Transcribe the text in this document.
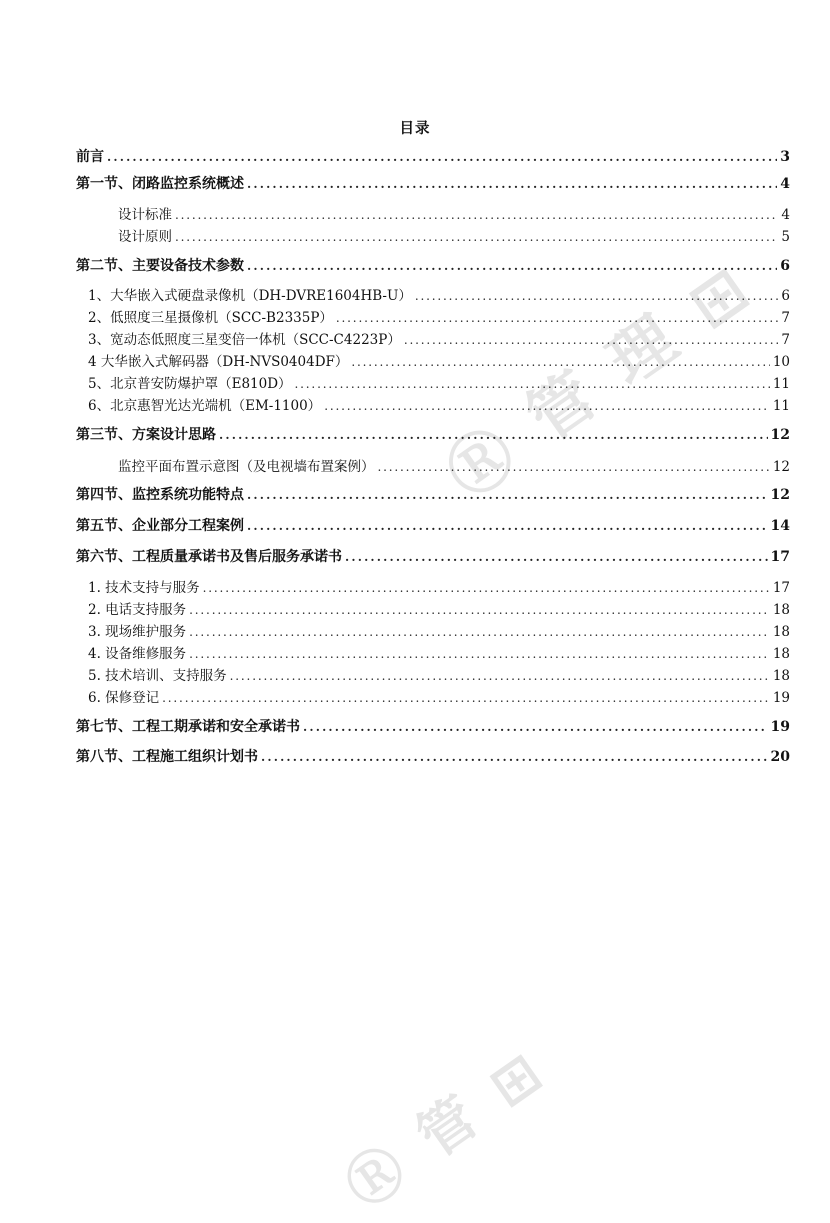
Ⓡ 管 理 ⊞
Ⓡ 管 ⊞
目录
前言 . . .	3
第一节、闭路监控系统概述 . . .	4
设计标准 . . .	4
设计原则 . . .	5
第二节、主要设备技术参数 . . .	6
1、大华嵌入式硬盘录像机（DH-DVRE1604HB-U） . . .	6
2、低照度三星摄像机（SCC-B2335P） . . .	7
3、宽动态低照度三星变倍一体机（SCC-C4223P） . . .	7
4 大华嵌入式解码器（DH-NVS0404DF） . . .	10
5、北京普安防爆护罩（E810D） . . .	11
6、北京惠智光达光端机（EM-1100） . . .	11
第三节、方案设计思路 . . .	12
监控平面布置示意图（及电视墙布置案例） . . .	12
第四节、监控系统功能特点 . . .	12
第五节、企业部分工程案例 . . .	14
第六节、工程质量承诺书及售后服务承诺书 . . .	17
1. 技术支持与服务 . . .	17
2. 电话支持服务 . . .	18
3. 现场维护服务 . . .	18
4. 设备维修服务 . . .	18
5. 技术培训、支持服务 . . .	18
6. 保修登记 . . .	19
第七节、工程工期承诺和安全承诺书 . . .	19
第八节、工程施工组织计划书 . . .	20
